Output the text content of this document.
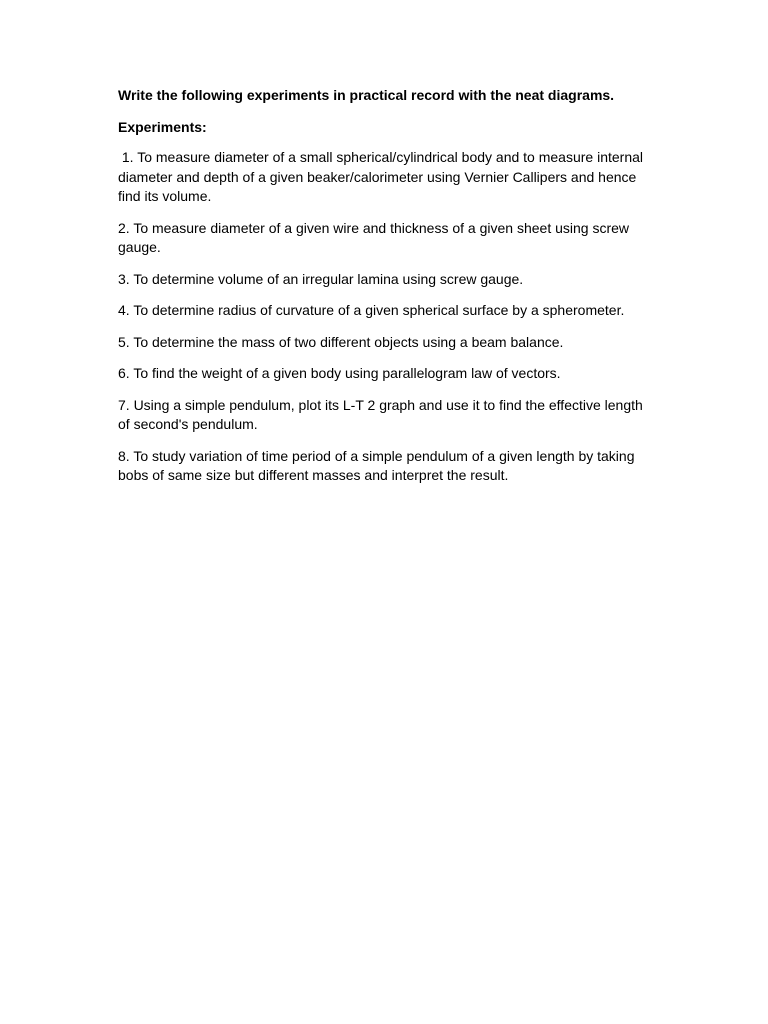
Write the following experiments in practical record with the neat diagrams.

Experiments:

1. To measure diameter of a small spherical/cylindrical body and to measure internal diameter and depth of a given beaker/calorimeter using Vernier Callipers and hence find its volume.
2. To measure diameter of a given wire and thickness of a given sheet using screw gauge.
3. To determine volume of an irregular lamina using screw gauge.
4. To determine radius of curvature of a given spherical surface by a spherometer.
5. To determine the mass of two different objects using a beam balance.
6. To find the weight of a given body using parallelogram law of vectors.
7. Using a simple pendulum, plot its L-T 2 graph and use it to find the effective length of second's pendulum.
8. To study variation of time period of a simple pendulum of a given length by taking bobs of same size but different masses and interpret the result.
